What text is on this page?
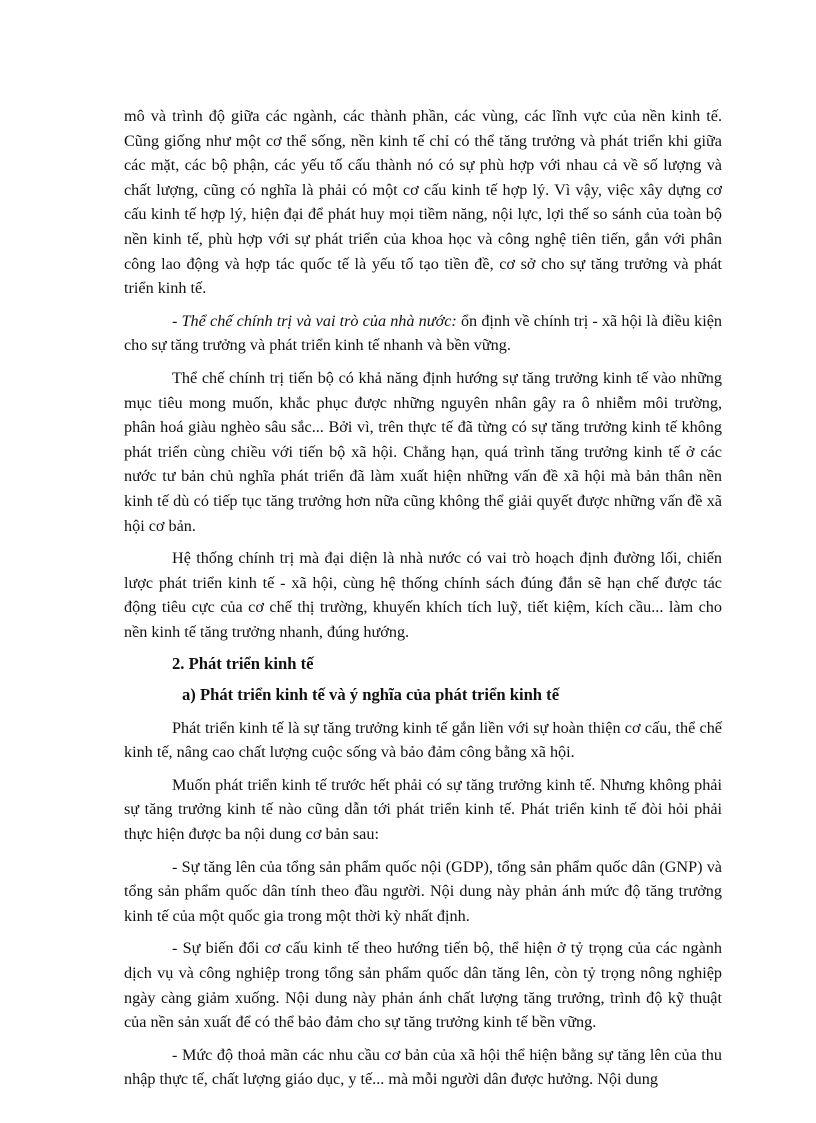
mô và trình độ giữa các ngành, các thành phần, các vùng, các lĩnh vực của nền kinh tế. Cũng giống như một cơ thể sống, nền kinh tế chỉ có thể tăng trưởng và phát triển khi giữa các mặt, các bộ phận, các yếu tố cấu thành nó có sự phù hợp với nhau cả về số lượng và chất lượng, cũng có nghĩa là phải có một cơ cấu kinh tế hợp lý. Vì vậy, việc xây dựng cơ cấu kinh tế hợp lý, hiện đại để phát huy mọi tiềm năng, nội lực, lợi thế so sánh của toàn bộ nền kinh tế, phù hợp với sự phát triển của khoa học và công nghệ tiên tiến, gắn với phân công lao động và hợp tác quốc tế là yếu tố tạo tiền đề, cơ sở cho sự tăng trưởng và phát triển kinh tế.

- Thể chế chính trị và vai trò của nhà nước: ổn định về chính trị - xã hội là điều kiện cho sự tăng trưởng và phát triển kinh tế nhanh và bền vững.

Thể chế chính trị tiến bộ có khả năng định hướng sự tăng trưởng kinh tế vào những mục tiêu mong muốn, khắc phục được những nguyên nhân gây ra ô nhiễm môi trường, phân hoá giàu nghèo sâu sắc... Bởi vì, trên thực tế đã từng có sự tăng trưởng kinh tế không phát triển cùng chiều với tiến bộ xã hội. Chẳng hạn, quá trình tăng trưởng kinh tế ở các nước tư bản chủ nghĩa phát triển đã làm xuất hiện những vấn đề xã hội mà bản thân nền kinh tế dù có tiếp tục tăng trưởng hơn nữa cũng không thể giải quyết được những vấn đề xã hội cơ bản.

Hệ thống chính trị mà đại diện là nhà nước có vai trò hoạch định đường lối, chiến lược phát triển kinh tế - xã hội, cùng hệ thống chính sách đúng đắn sẽ hạn chế được tác động tiêu cực của cơ chế thị trường, khuyến khích tích luỹ, tiết kiệm, kích cầu... làm cho nền kinh tế tăng trưởng nhanh, đúng hướng.

2. Phát triển kinh tế
a) Phát triển kinh tế và ý nghĩa của phát triển kinh tế

Phát triển kinh tế là sự tăng trưởng kinh tế gắn liền với sự hoàn thiện cơ cấu, thể chế kinh tế, nâng cao chất lượng cuộc sống và bảo đảm công bằng xã hội.

Muốn phát triển kinh tế trước hết phải có sự tăng trưởng kinh tế. Nhưng không phải sự tăng trưởng kinh tế nào cũng dẫn tới phát triển kinh tế. Phát triển kinh tế đòi hỏi phải thực hiện được ba nội dung cơ bản sau:

- Sự tăng lên của tổng sản phẩm quốc nội (GDP), tổng sản phẩm quốc dân (GNP) và tổng sản phẩm quốc dân tính theo đầu người. Nội dung này phản ánh mức độ tăng trưởng kinh tế của một quốc gia trong một thời kỳ nhất định.

- Sự biến đổi cơ cấu kinh tế theo hướng tiến bộ, thể hiện ở tỷ trọng của các ngành dịch vụ và công nghiệp trong tổng sản phẩm quốc dân tăng lên, còn tỷ trọng nông nghiệp ngày càng giảm xuống. Nội dung này phản ánh chất lượng tăng trưởng, trình độ kỹ thuật của nền sản xuất để có thể bảo đảm cho sự tăng trưởng kinh tế bền vững.

- Mức độ thoả mãn các nhu cầu cơ bản của xã hội thể hiện bằng sự tăng lên của thu nhập thực tế, chất lượng giáo dục, y tế... mà mỗi người dân được hưởng. Nội dung
